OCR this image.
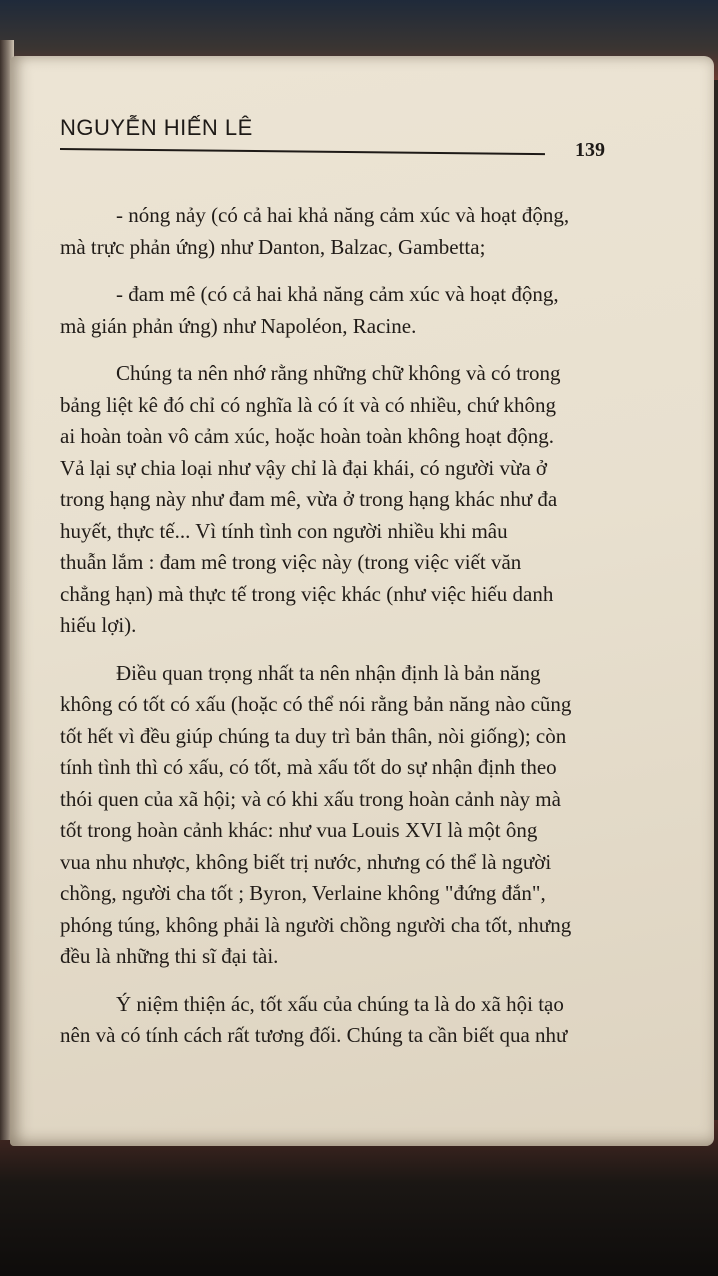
NGUYỄN HIẾN LÊ
139
- nóng nảy (có cả hai khả năng cảm xúc và hoạt động,
mà trực phản ứng) như Danton, Balzac, Gambetta;
- đam mê (có cả hai khả năng cảm xúc và hoạt động,
mà gián phản ứng) như Napoléon, Racine.
Chúng ta nên nhớ rằng những chữ không và có trong
bảng liệt kê đó chỉ có nghĩa là có ít và có nhiều, chứ không
ai hoàn toàn vô cảm xúc, hoặc hoàn toàn không hoạt động.
Vả lại sự chia loại như vậy chỉ là đại khái, có người vừa ở
trong hạng này như đam mê, vừa ở trong hạng khác như đa
huyết, thực tế... Vì tính tình con người nhiều khi mâu
thuẫn lắm : đam mê trong việc này (trong việc viết văn
chẳng hạn) mà thực tế trong việc khác (như việc hiếu danh
hiếu lợi).
Điều quan trọng nhất ta nên nhận định là bản năng
không có tốt có xấu (hoặc có thể nói rằng bản năng nào cũng
tốt hết vì đều giúp chúng ta duy trì bản thân, nòi giống); còn
tính tình thì có xấu, có tốt, mà xấu tốt do sự nhận định theo
thói quen của xã hội; và có khi xấu trong hoàn cảnh này mà
tốt trong hoàn cảnh khác: như vua Louis XVI là một ông
vua nhu nhược, không biết trị nước, nhưng có thể là người
chồng, người cha tốt ; Byron, Verlaine không "đứng đắn",
phóng túng, không phải là người chồng người cha tốt, nhưng
đều là những thi sĩ đại tài.
Ý niệm thiện ác, tốt xấu của chúng ta là do xã hội tạo
nên và có tính cách rất tương đối. Chúng ta cần biết qua như
